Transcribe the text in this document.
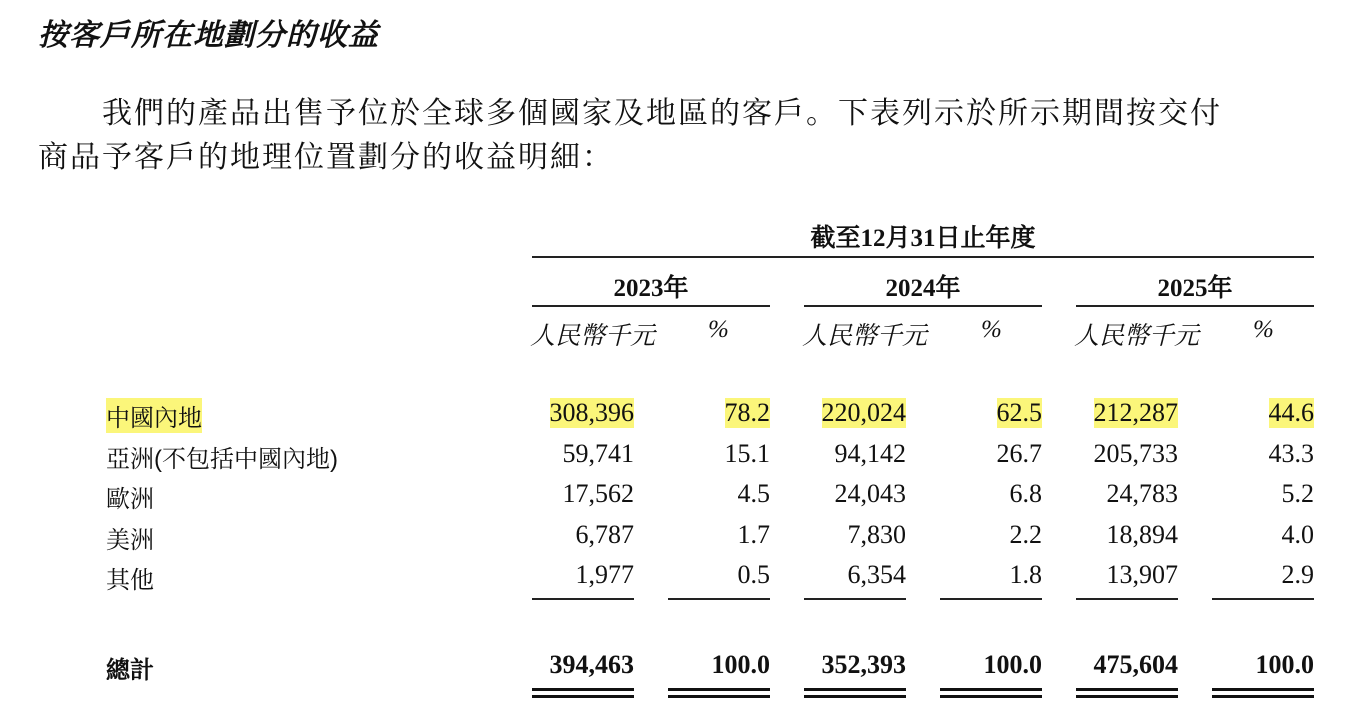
按客戶所在地劃分的收益
我們的產品出售予位於全球多個國家及地區的客戶。下表列示於所示期間按交付
商品予客戶的地理位置劃分的收益明細：
截至12月31日止年度
2023年	2024年	2025年
人民幣千元 %	人民幣千元 %	人民幣千元 %
中國內地	308,396	78.2 220,024	62.5 212,287	44.6
亞洲(不包括中國內地)	59,741	15.1 94,142	26.7 205,733	43.3
歐洲	17,562	4.5 24,043	6.8 24,783	5.2
美洲	6,787	1.7	7,830	2.2 18,894	4.0
其他	1,977	0.5	6,354	1.8 13,907	2.9
總計	394,463	100.0 352,393	100.0 475,604	100.0
